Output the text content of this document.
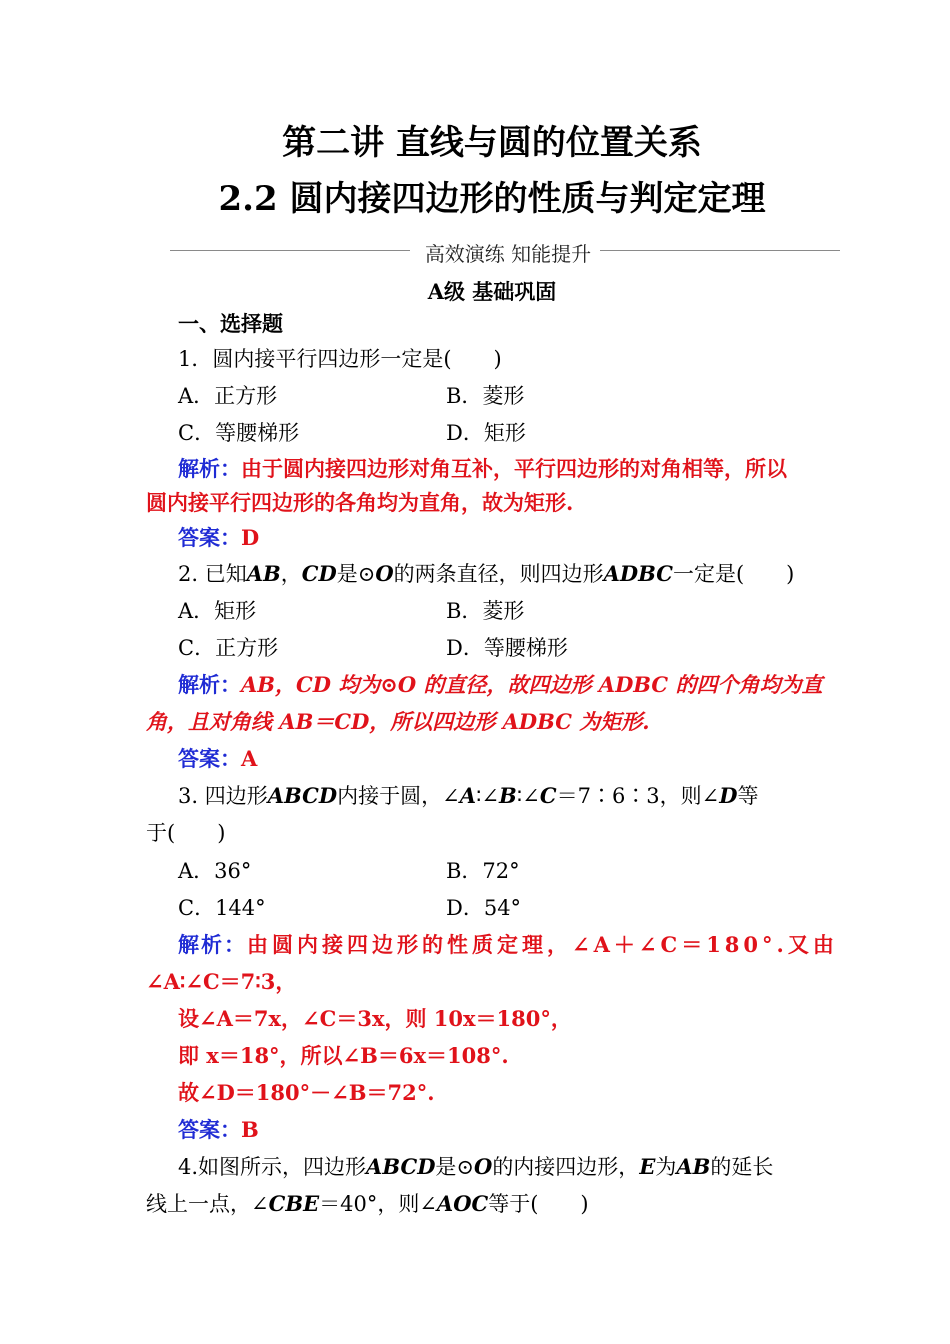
第二讲 直线与圆的位置关系
2.2 圆内接四边形的性质与判定定理
高效演练 知能提升
A级 基础巩固
一、选择题
1．圆内接平行四边形一定是(　　)
A．正方形	B．菱形
C．等腰梯形	D．矩形
解析：由于圆内接四边形对角互补，平行四边形的对角相等，所以
圆内接平行四边形的各角均为直角，故为矩形.
答案：D
2. 已知AB，CD是⊙O的两条直径，则四边形ADBC一定是(　　)
A．矩形	B．菱形
C．正方形	D．等腰梯形
解析：AB，CD 均为⊙O 的直径，故四边形 ADBC 的四个角均为直
角，且对角线 AB＝CD，所以四边形 ADBC 为矩形.
答案：A
3. 四边形ABCD内接于圆，∠A∶∠B∶∠C＝7∶6∶3，则∠D等
于(　　)
A．36°	B．72°
C．144°	D．54°
解析：由圆内接四边形的性质定理，∠A＋∠C＝180°.又由
∠A∶∠C＝7∶3，
设∠A＝7x，∠C＝3x，则 10x＝180°，
即 x＝18°，所以∠B＝6x＝108°.
故∠D＝180°－∠B＝72°.
答案：B
4.如图所示，四边形ABCD是⊙O的内接四边形，E为AB的延长
线上一点，∠CBE＝40°，则∠AOC等于(　　)
